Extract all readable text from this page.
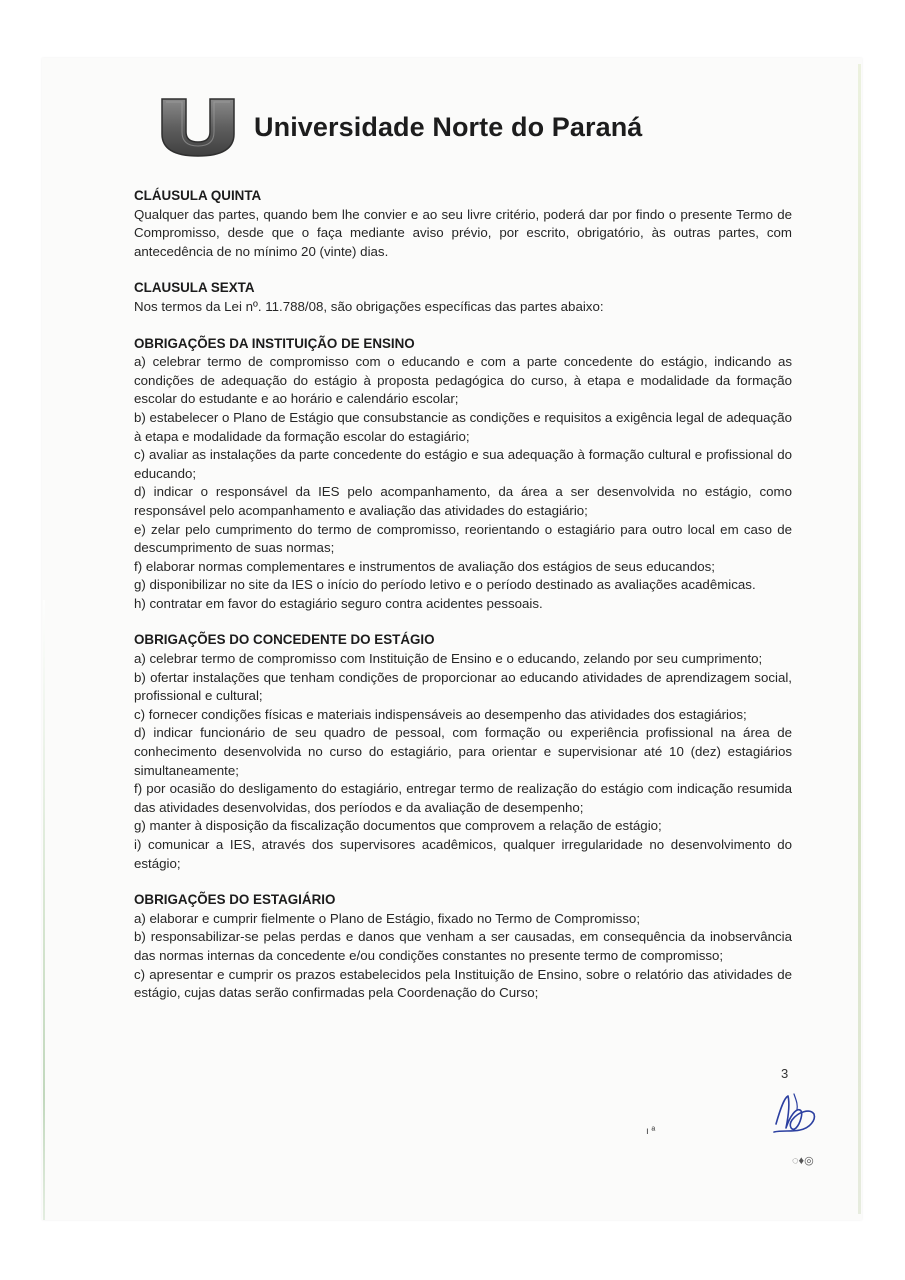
Universidade Norte do Paraná

CLÁUSULA QUINTA

Qualquer das partes, quando bem lhe convier e ao seu livre critério, poderá dar por findo o presente Termo de Compromisso, desde que o faça mediante aviso prévio, por escrito, obrigatório, às outras partes, com antecedência de no mínimo 20 (vinte) dias.

CLAUSULA SEXTA

Nos termos da Lei nº. 11.788/08, são obrigações específicas das partes abaixo:

OBRIGAÇÕES DA INSTITUIÇÃO DE ENSINO

a) celebrar termo de compromisso com o educando e com a parte concedente do estágio, indicando as condições de adequação do estágio à proposta pedagógica do curso, à etapa e modalidade da formação escolar do estudante e ao horário e calendário escolar;

b) estabelecer o Plano de Estágio que consubstancie as condições e requisitos a exigência legal de adequação à etapa e modalidade da formação escolar do estagiário;

c) avaliar as instalações da parte concedente do estágio e sua adequação à formação cultural e profissional do educando;

d) indicar o responsável da IES pelo acompanhamento, da área a ser desenvolvida no estágio, como responsável pelo acompanhamento e avaliação das atividades do estagiário;

e) zelar pelo cumprimento do termo de compromisso, reorientando o estagiário para outro local em caso de descumprimento de suas normas;

f) elaborar normas complementares e instrumentos de avaliação dos estágios de seus educandos;

g) disponibilizar no site da IES o início do período letivo e o período destinado as avaliações acadêmicas.

h) contratar em favor do estagiário seguro contra acidentes pessoais.

OBRIGAÇÕES DO CONCEDENTE DO ESTÁGIO

a) celebrar termo de compromisso com Instituição de Ensino e o educando, zelando por seu cumprimento;

b) ofertar instalações que tenham condições de proporcionar ao educando atividades de aprendizagem social, profissional e cultural;

c) fornecer condições físicas e materiais indispensáveis ao desempenho das atividades dos estagiários;

d) indicar funcionário de seu quadro de pessoal, com formação ou experiência profissional na área de conhecimento desenvolvida no curso do estagiário, para orientar e supervisionar até 10 (dez) estagiários simultaneamente;

f) por ocasião do desligamento do estagiário, entregar termo de realização do estágio com indicação resumida das atividades desenvolvidas, dos períodos e da avaliação de desempenho;

g) manter à disposição da fiscalização documentos que comprovem a relação de estágio;

i) comunicar a IES, através dos supervisores acadêmicos, qualquer irregularidade no desenvolvimento do estágio;

OBRIGAÇÕES DO ESTAGIÁRIO

a) elaborar e cumprir fielmente o Plano de Estágio, fixado no Termo de Compromisso;

b) responsabilizar-se pelas perdas e danos que venham a ser causadas, em consequência da inobservância das normas internas da concedente e/ou condições constantes no presente termo de compromisso;

c) apresentar e cumprir os prazos estabelecidos pela Instituição de Ensino, sobre o relatório das atividades de estágio, cujas datas serão confirmadas pela Coordenação do Curso;

3
ı ª
◌♦◎
